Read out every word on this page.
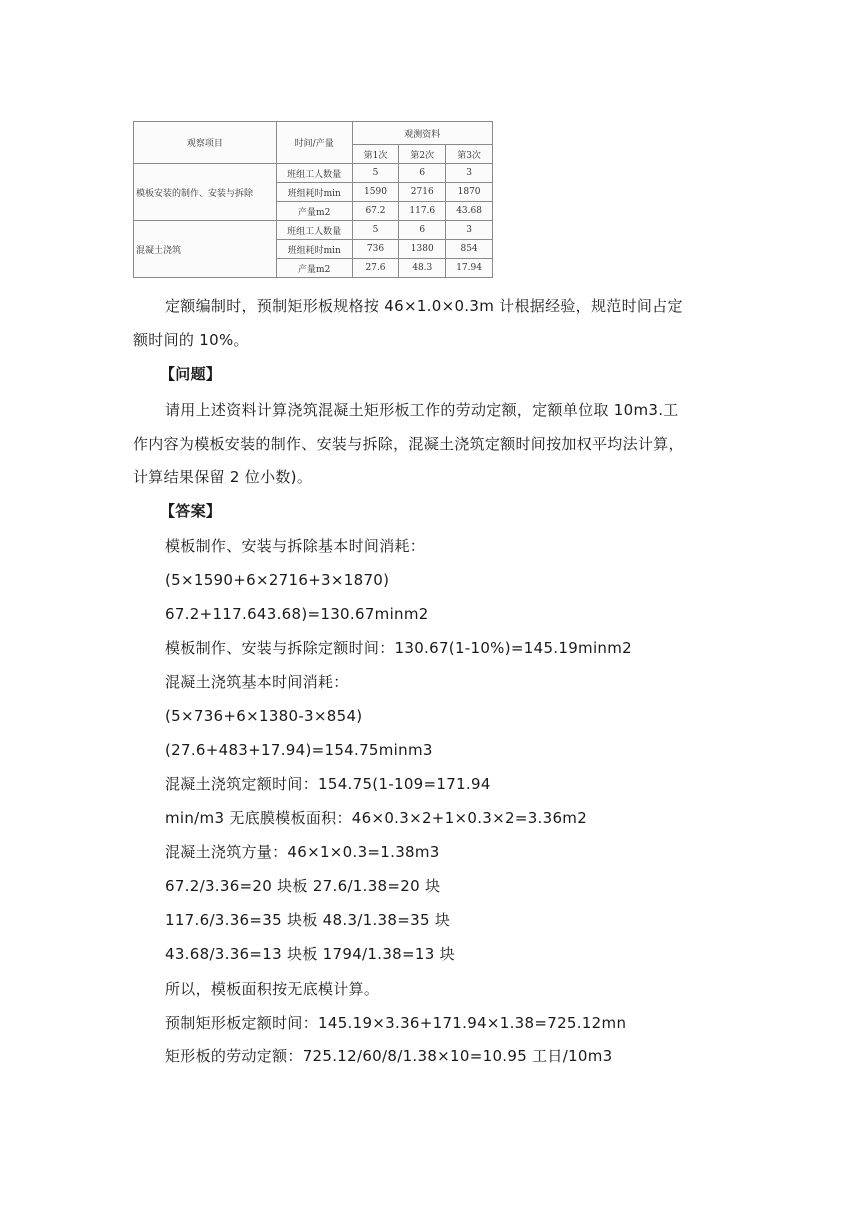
观察项目	时间/产量	观测资料		
		第1次	第2次	第3次
模板安装的制作、安装与拆除	班组工人数量	5	6	3
	班组耗时min	1590	2716	1870
	产量m2	67.2	117.6	43.68
混凝土浇筑	班组工人数量	5	6	3
	班组耗时min	736	1380	854
	产量m2	27.6	48.3	17.94
定额编制时，预制矩形板规格按 46×1.0×0.3m 计根据经验，规范时间占定
额时间的 10%。
【问题】
请用上述资料计算浇筑混凝土矩形板工作的劳动定额，定额单位取 10m3.工
作内容为模板安装的制作、安装与拆除，混凝土浇筑定额时间按加权平均法计算，
计算结果保留 2 位小数)。
【答案】
模板制作、安装与拆除基本时间消耗：
(5×1590+6×2716+3×1870)
67.2+117.643.68)=130.67minm2
模板制作、安装与拆除定额时间：130.67(1-10%)=145.19minm2
混凝土浇筑基本时间消耗：
(5×736+6×1380-3×854)
(27.6+483+17.94)=154.75minm3
混凝土浇筑定额时间：154.75(1-109=171.94
min/m3 无底膜模板面积：46×0.3×2+1×0.3×2=3.36m2
混凝土浇筑方量：46×1×0.3=1.38m3
67.2/3.36=20 块板 27.6/1.38=20 块
117.6/3.36=35 块板 48.3/1.38=35 块
43.68/3.36=13 块板 1794/1.38=13 块
所以，模板面积按无底模计算。
预制矩形板定额时间：145.19×3.36+171.94×1.38=725.12mn
矩形板的劳动定额：725.12/60/8/1.38×10=10.95 工日/10m3
